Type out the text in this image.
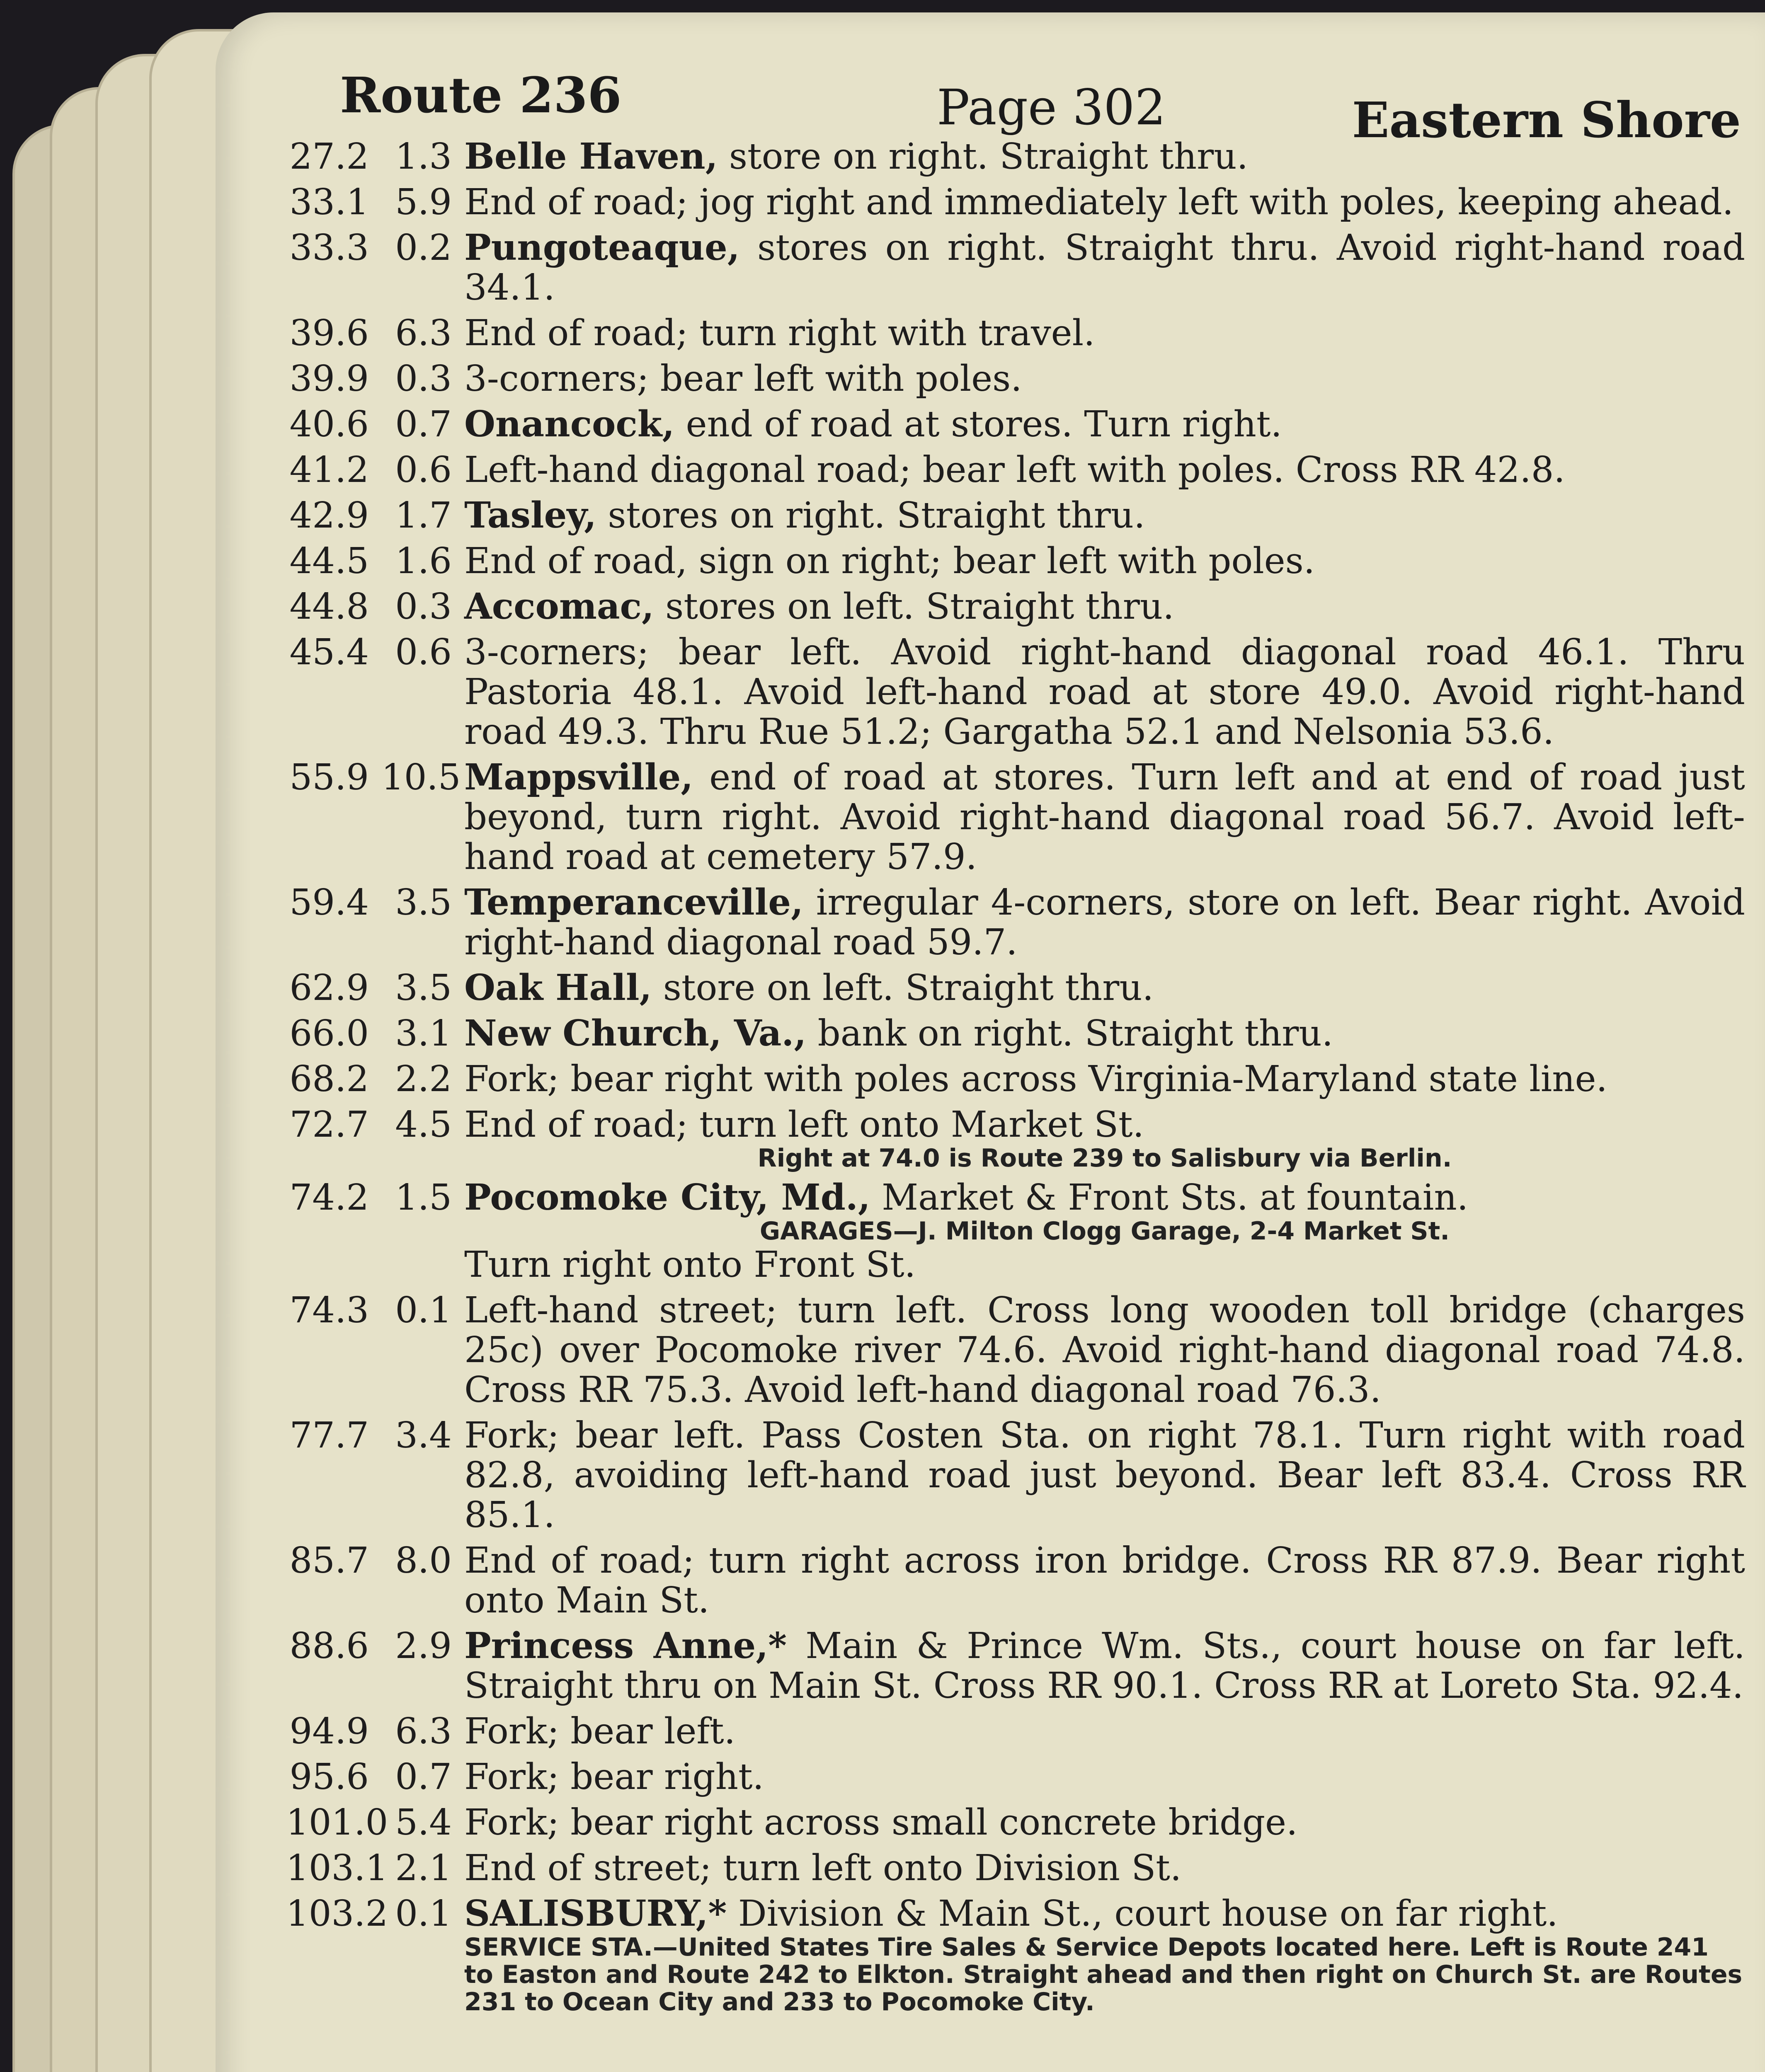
Route 236	Page 302	Eastern Shore
27.2 1.3 Belle Haven, store on right. Straight thru.
33.1 5.9 End of road; jog right and immediately left with poles, keeping ahead.
33.3 0.2 Pungoteaque, stores on right. Straight thru. Avoid right-hand road 34.1.
39.6 6.3 End of road; turn right with travel.
39.9 0.3 3-corners; bear left with poles.
40.6 0.7 Onancock, end of road at stores. Turn right.
41.2 0.6 Left-hand diagonal road; bear left with poles. Cross RR 42.8.
42.9 1.7 Tasley, stores on right. Straight thru.
44.5 1.6 End of road, sign on right; bear left with poles.
44.8 0.3 Accomac, stores on left. Straight thru.
45.4 0.6 3-corners; bear left. Avoid right-hand diagonal road 46.1. Thru Pastoria 48.1. Avoid left-hand road at store 49.0. Avoid right-hand road 49.3. Thru Rue 51.2; Gargatha 52.1 and Nelsonia 53.6.
55.9 10.5 Mappsville, end of road at stores. Turn left and at end of road just beyond, turn right. Avoid right-hand diagonal road 56.7. Avoid left-hand road at cemetery 57.9.
59.4 3.5 Temperanceville, irregular 4-corners, store on left. Bear right. Avoid right-hand diagonal road 59.7.
62.9 3.5 Oak Hall, store on left. Straight thru.
66.0 3.1 New Church, Va., bank on right. Straight thru.
68.2 2.2 Fork; bear right with poles across Virginia-Maryland state line.
72.7 4.5 End of road; turn left onto Market St.
Right at 74.0 is Route 239 to Salisbury via Berlin.
74.2 1.5 Pocomoke City, Md., Market & Front Sts. at fountain.
GARAGES—J. Milton Clogg Garage, 2-4 Market St.
Turn right onto Front St.
74.3 0.1 Left-hand street; turn left. Cross long wooden toll bridge (charges 25c) over Pocomoke river 74.6. Avoid right-hand diagonal road 74.8. Cross RR 75.3. Avoid left-hand diagonal road 76.3.
77.7 3.4 Fork; bear left. Pass Costen Sta. on right 78.1. Turn right with road 82.8, avoiding left-hand road just beyond. Bear left 83.4. Cross RR 85.1.
85.7 8.0 End of road; turn right across iron bridge. Cross RR 87.9. Bear right onto Main St.
88.6 2.9 Princess Anne,* Main & Prince Wm. Sts., court house on far left. Straight thru on Main St. Cross RR 90.1. Cross RR at Loreto Sta. 92.4.
94.9 6.3 Fork; bear left.
95.6 0.7 Fork; bear right.
101.0 5.4 Fork; bear right across small concrete bridge.
103.1 2.1 End of street; turn left onto Division St.
103.2 0.1 SALISBURY,* Division & Main St., court house on far right.
SERVICE STA.—United States Tire Sales & Service Depots located here. Left is Route 241 to Easton and Route 242 to Elkton. Straight ahead and then right on Church St. are Routes 231 to Ocean City and 233 to Pocomoke City.
